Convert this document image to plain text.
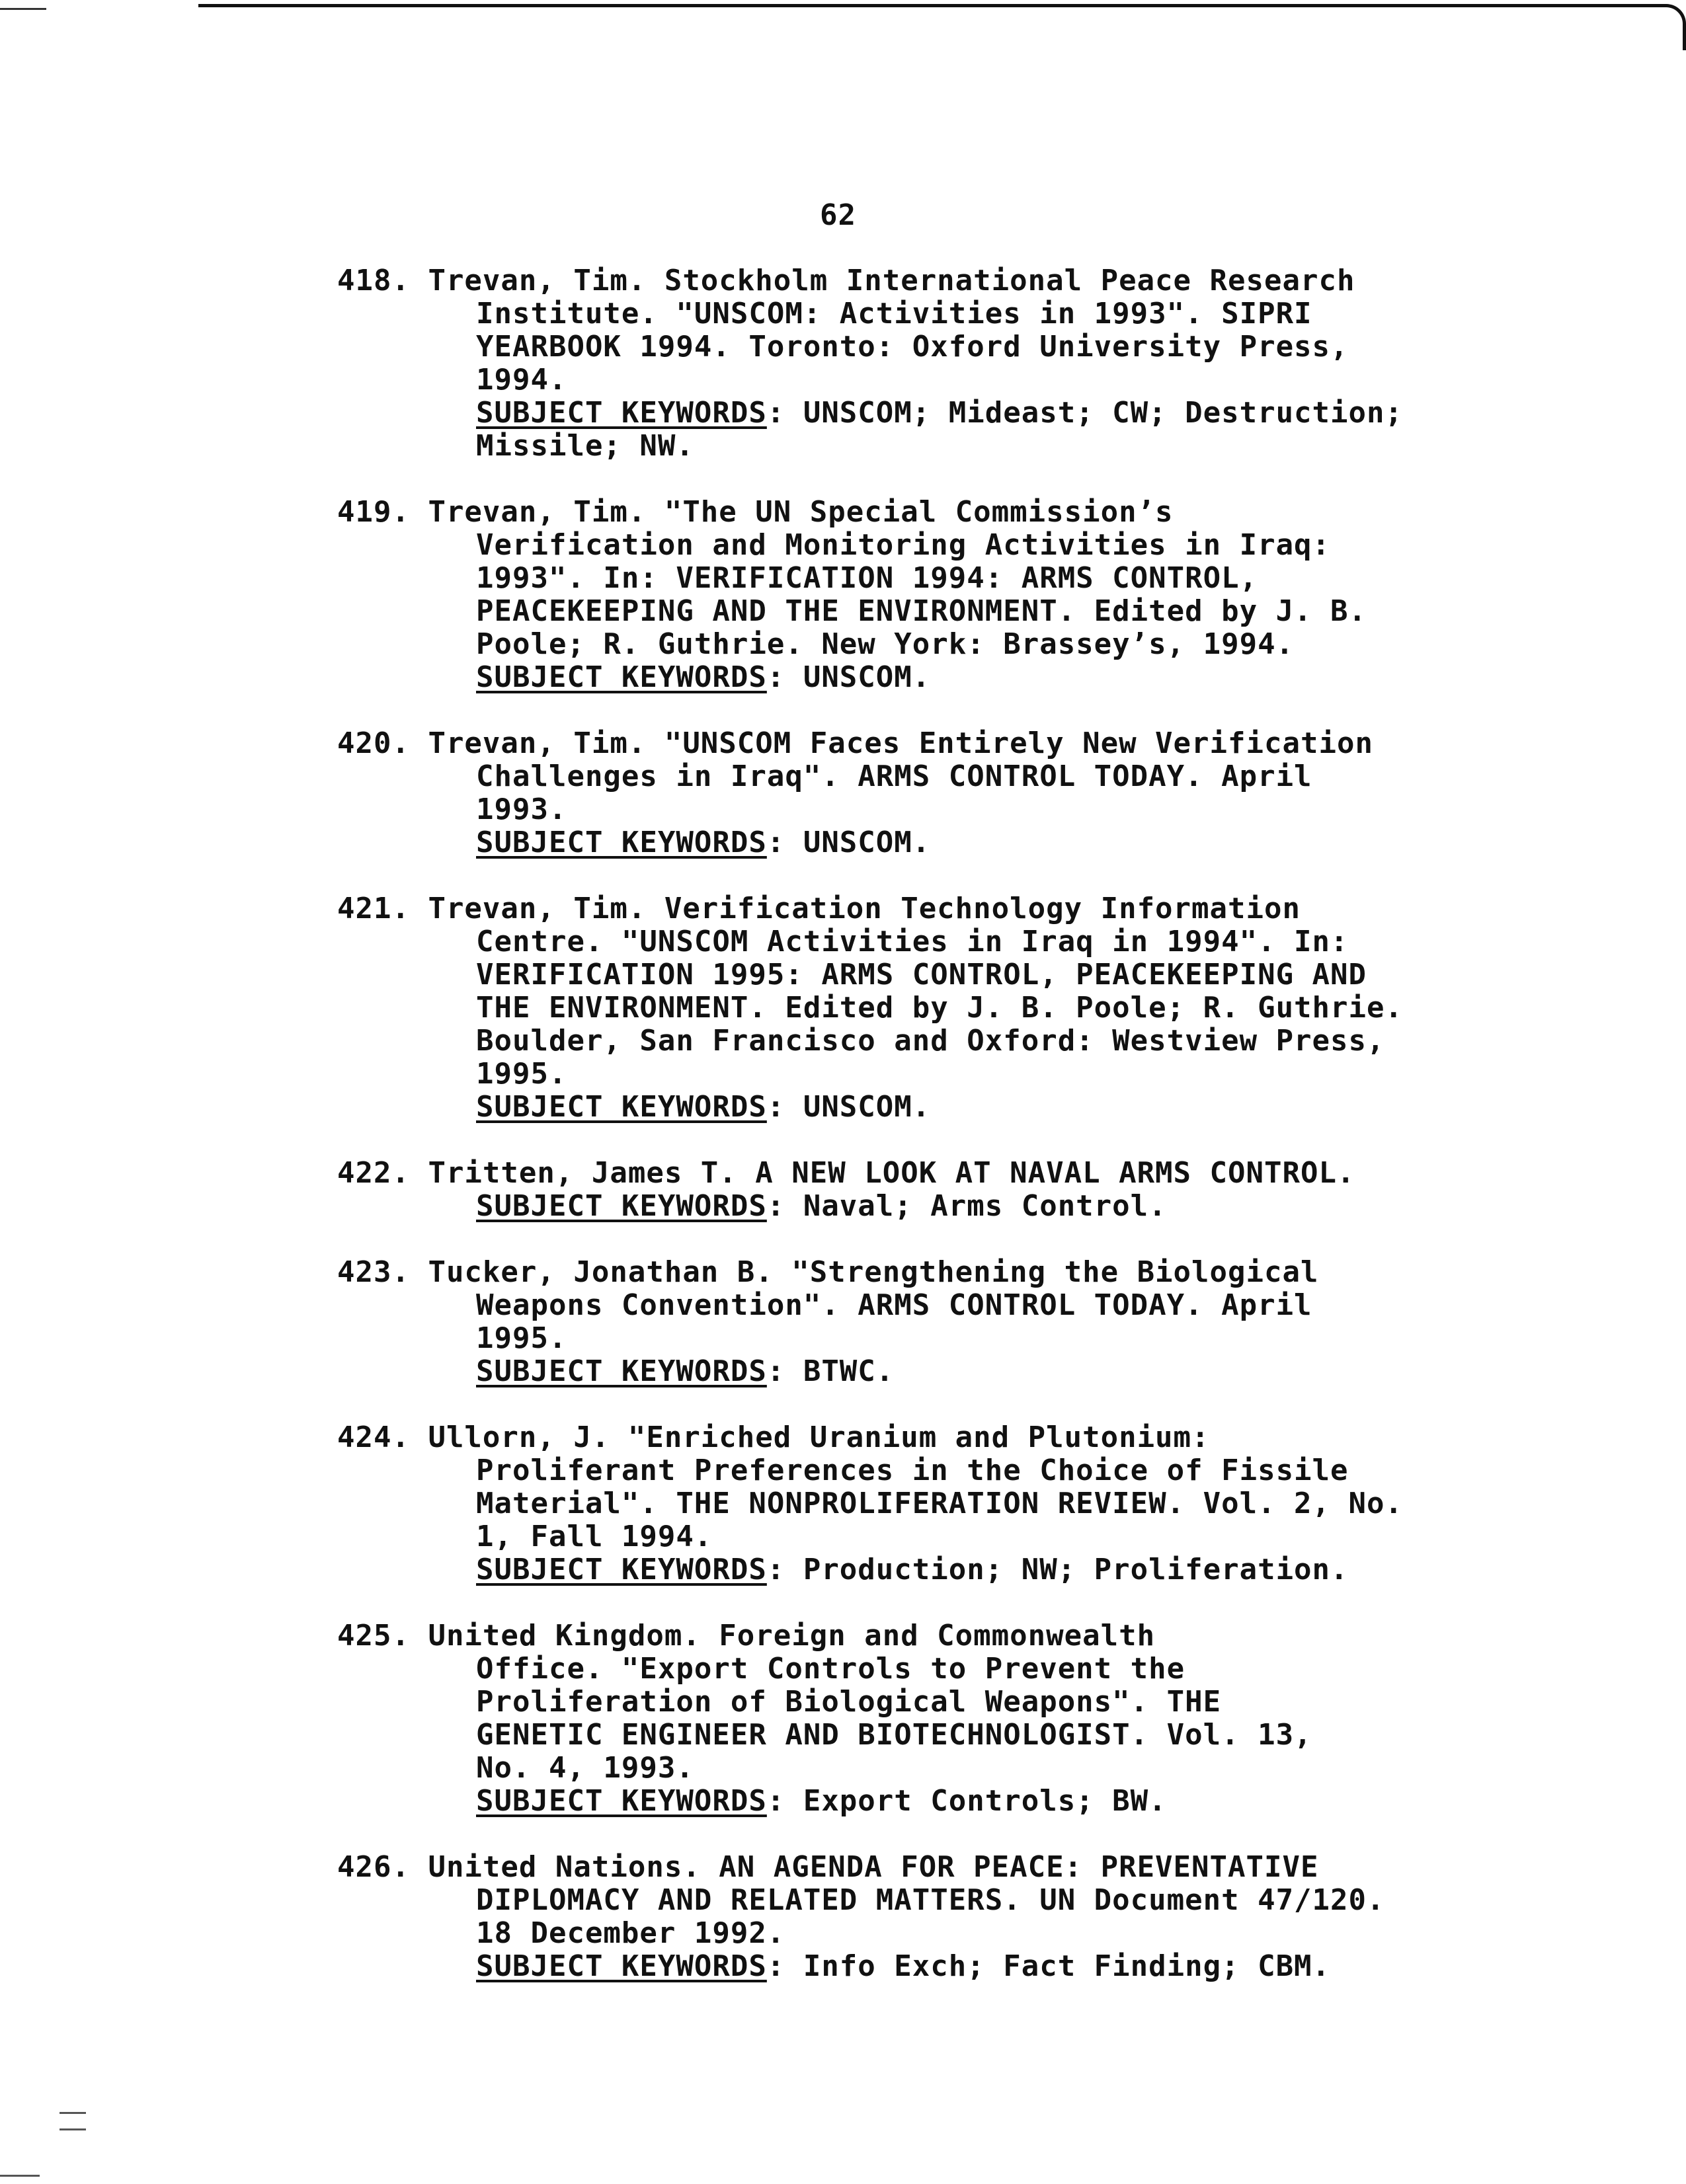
62
418. Trevan, Tim. Stockholm International Peace Research
Institute. "UNSCOM: Activities in 1993". SIPRI
YEARBOOK 1994. Toronto: Oxford University Press,
1994.
SUBJECT KEYWORDS: UNSCOM; Mideast; CW; Destruction;
Missile; NW.
419. Trevan, Tim. "The UN Special Commission’s
Verification and Monitoring Activities in Iraq:
1993". In: VERIFICATION 1994: ARMS CONTROL,
PEACEKEEPING AND THE ENVIRONMENT. Edited by J. B.
Poole; R. Guthrie. New York: Brassey’s, 1994.
SUBJECT KEYWORDS: UNSCOM.
420. Trevan, Tim. "UNSCOM Faces Entirely New Verification
Challenges in Iraq". ARMS CONTROL TODAY. April
1993.
SUBJECT KEYWORDS: UNSCOM.
421. Trevan, Tim. Verification Technology Information
Centre. "UNSCOM Activities in Iraq in 1994". In:
VERIFICATION 1995: ARMS CONTROL, PEACEKEEPING AND
THE ENVIRONMENT. Edited by J. B. Poole; R. Guthrie.
Boulder, San Francisco and Oxford: Westview Press,
1995.
SUBJECT KEYWORDS: UNSCOM.
422. Tritten, James T. A NEW LOOK AT NAVAL ARMS CONTROL.
SUBJECT KEYWORDS: Naval; Arms Control.
423. Tucker, Jonathan B. "Strengthening the Biological
Weapons Convention". ARMS CONTROL TODAY. April
1995.
SUBJECT KEYWORDS: BTWC.
424. Ullorn, J. "Enriched Uranium and Plutonium:
Proliferant Preferences in the Choice of Fissile
Material". THE NONPROLIFERATION REVIEW. Vol. 2, No.
1, Fall 1994.
SUBJECT KEYWORDS: Production; NW; Proliferation.
425. United Kingdom. Foreign and Commonwealth
Office. "Export Controls to Prevent the
Proliferation of Biological Weapons". THE
GENETIC ENGINEER AND BIOTECHNOLOGIST. Vol. 13,
No. 4, 1993.
SUBJECT KEYWORDS: Export Controls; BW.
426. United Nations. AN AGENDA FOR PEACE: PREVENTATIVE
DIPLOMACY AND RELATED MATTERS. UN Document 47/120.
18 December 1992.
SUBJECT KEYWORDS: Info Exch; Fact Finding; CBM.
